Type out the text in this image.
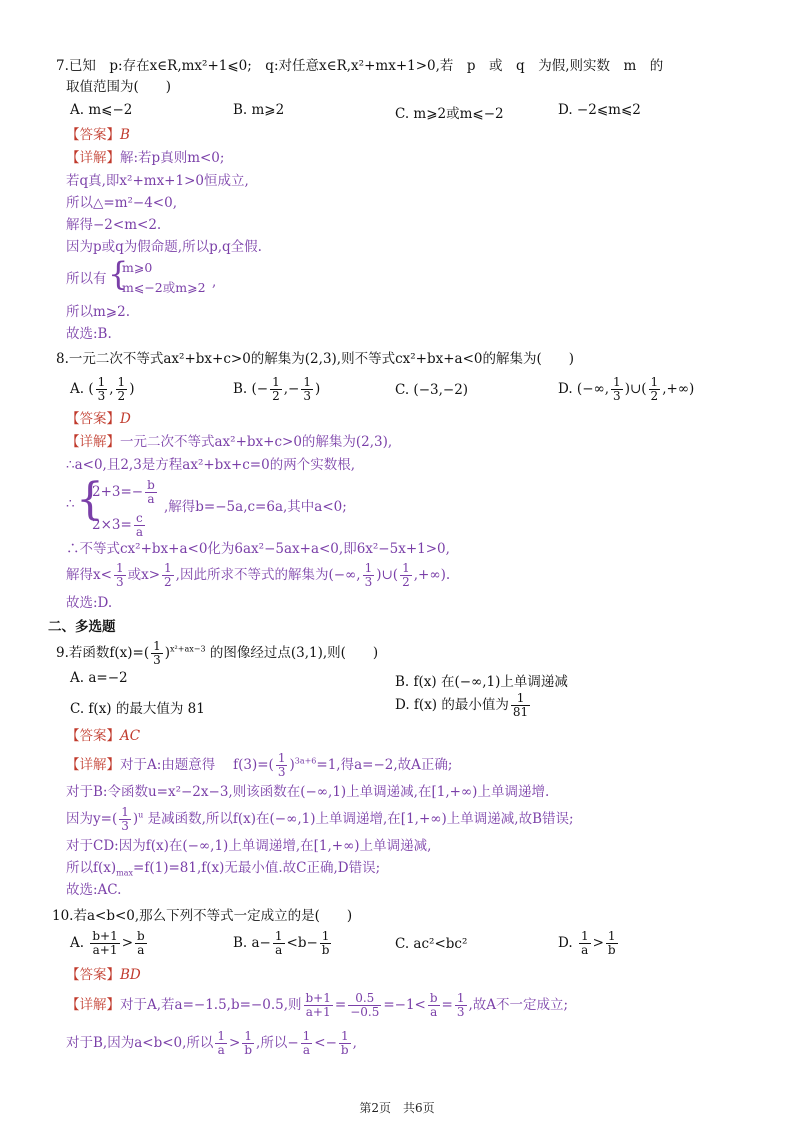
7.已知　p:存在x∈R,mx²+1⩽0;　q:对任意x∈R,x²+mx+1>0,若　p　或　q　为假,则实数　m　的
取值范围为(　　)
A. m⩽−2	B. m⩾2	C. m⩾2或m⩽−2	D. −2⩽m⩽2
【答案】B
【详解】解:若p真则m<0;
若q真,即x²+mx+1>0恒成立,
所以△=m²−4<0,
解得−2<m<2.
因为p或q为假命题,所以p,q全假.
所以有 {
m⩾0
m⩽−2或m⩾2 ,
所以m⩾2.
故选:B.
8.一元二次不等式ax²+bx+c>0的解集为(2,3),则不等式cx²+bx+a<0的解集为(　　)
A. ( $\frac{1}{3}$ , $\frac{1}{2}$ )	B. (− $\frac{1}{2}$ ,− $\frac{1}{3}$ )	C. (−3,−2)	D. (−∞, $\frac{1}{3}$ )∪( $\frac{1}{2}$ ,+∞)
【答案】D
【详解】一元二次不等式ax²+bx+c>0的解集为(2,3),
∴a<0,且2,3是方程ax²+bx+c=0的两个实数根,
∴ {
$2+3=- \frac{b}{a}$
$2\times 3= \frac{c}{a}$
,解得b=−5a,c=6a,其中a<0;
∴不等式cx²+bx+a<0化为6ax²−5ax+a<0,即6x²−5x+1>0,
解得$x< \frac{1}{3}$ 或$x> \frac{1}{2}$ ,因此所求不等式的解集为(−∞, $\frac{1}{3}$ )∪( $\frac{1}{2}$ ,+∞).
故选:D.
二、多选题
9.若函数$f(x)=( \frac{1}{3} )^{x^2+ax-3}$ 的图像经过点(3,1),则(　　)
A. a=−2	B. f(x) 在(−∞,1)上单调递减
C. f(x) 的最大值为 81	D. f(x) 的最小值为 $\frac{1}{81}$
【答案】AC
【详解】对于A:由题意得　 $f(3)=( \frac{1}{3} )^{3a+6}=1$,得a=−2,故A正确;
对于B:令函数u=x²−2x−3,则该函数在(−∞,1)上单调递减,在[1,+∞)上单调递增.
因为$y=( \frac{1}{3} )^u$ 是减函数,所以f(x)在(−∞,1)上单调递增,在[1,+∞)上单调递减,故B错误;
对于CD:因为f(x)在(−∞,1)上单调递增,在[1,+∞)上单调递减,
所以$f(x)_{max}=f(1)=81,f(x)$无最小值.故C正确,D错误;
故选:AC.
10.若a<b<0,那么下列不等式一定成立的是(　　)
A. $\frac{b+1}{a+1} > \frac{b}{a}$	B. $a- \frac{1}{a} <b- \frac{1}{b}$	C. ac²<bc²	D. $\frac{1}{a} > \frac{1}{b}$
【答案】BD
【详解】对于A,若a=−1.5,b=−0.5,则 $\frac{b+1}{a+1} = \frac{0.5}{-0.5} =-1< \frac{b}{a} = \frac{1}{3}$ ,故A不一定成立;
对于B,因为a<b<0,所以 $\frac{1}{a} > \frac{1}{b}$ ,所以− $\frac{1}{a} <- \frac{1}{b}$ ,
第2页　共6页
